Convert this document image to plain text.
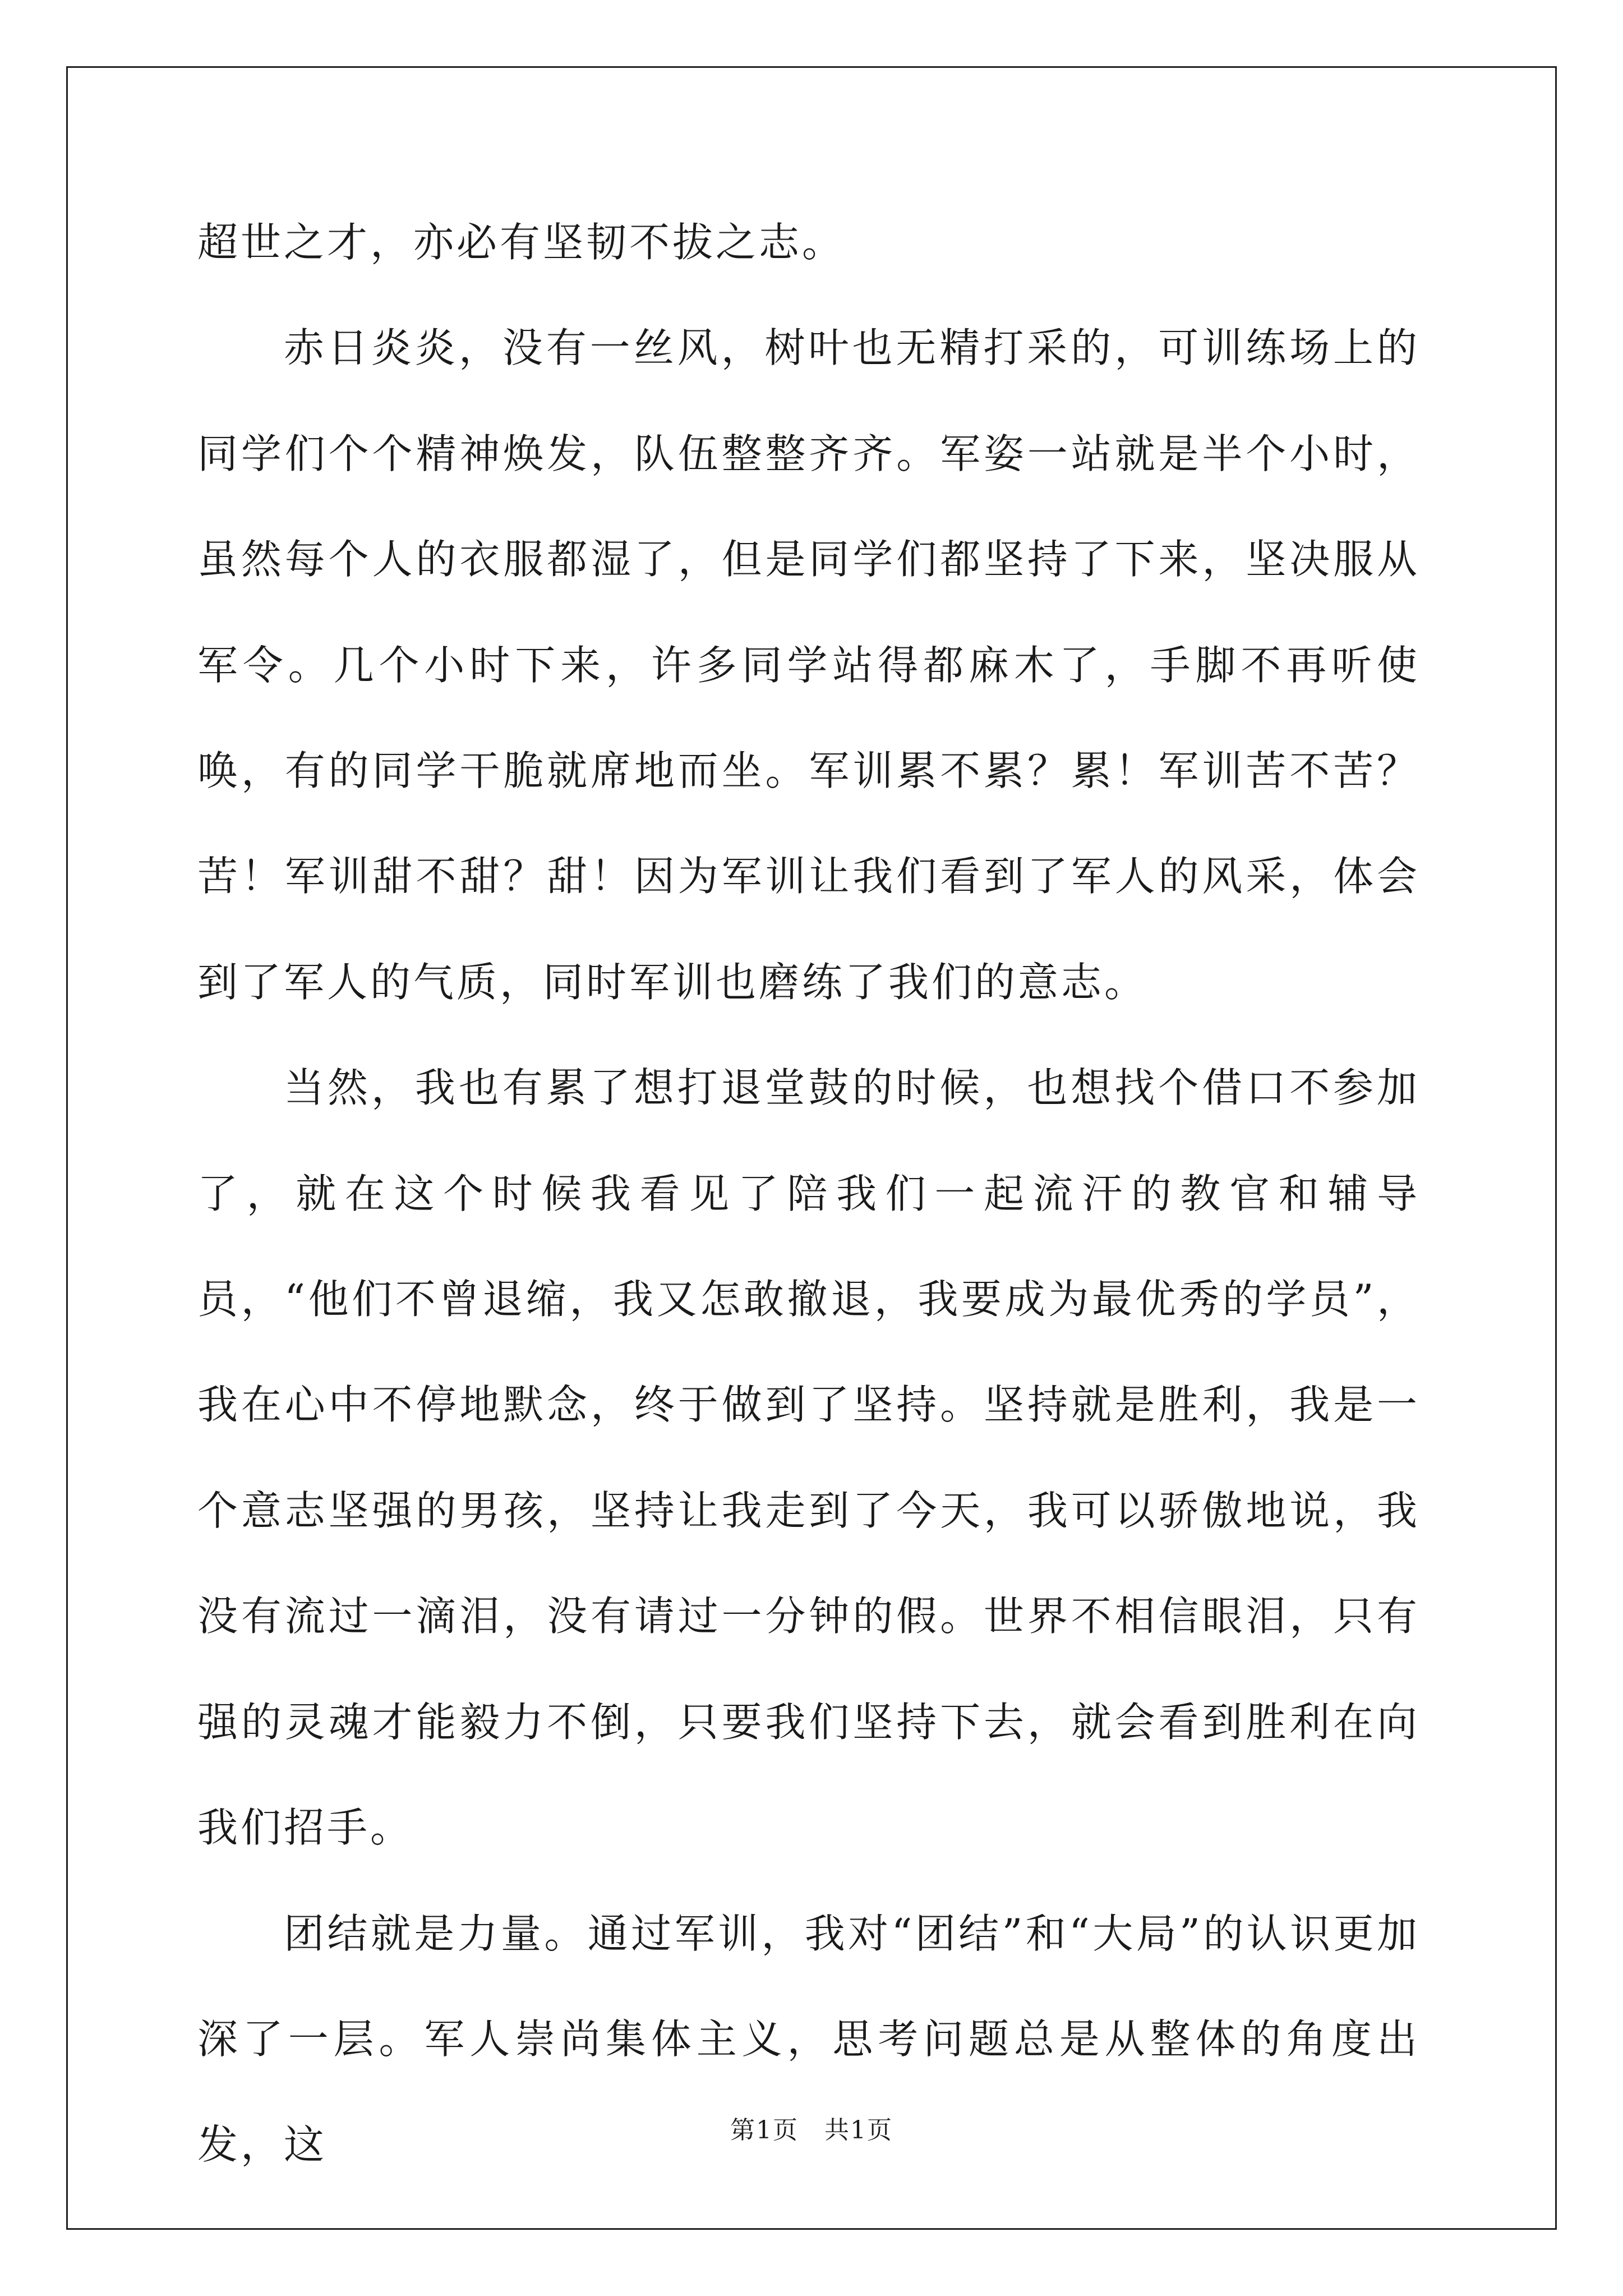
超世之才，亦必有坚韧不拔之志。

赤日炎炎，没有一丝风，树叶也无精打采的，可训练场上的同学们个个精神焕发，队伍整整齐齐。军姿一站就是半个小时，虽然每个人的衣服都湿了，但是同学们都坚持了下来，坚决服从军令。几个小时下来，许多同学站得都麻木了，手脚不再听使唤，有的同学干脆就席地而坐。军训累不累？累！军训苦不苦？苦！军训甜不甜？甜！因为军训让我们看到了军人的风采，体会到了军人的气质，同时军训也磨练了我们的意志。

当然，我也有累了想打退堂鼓的时候，也想找个借口不参加了，就在这个时候我看见了陪我们一起流汗的教官和辅导员，“他们不曾退缩，我又怎敢撤退，我要成为最优秀的学员”，我在心中不停地默念，终于做到了坚持。坚持就是胜利，我是一个意志坚强的男孩，坚持让我走到了今天，我可以骄傲地说，我没有流过一滴泪，没有请过一分钟的假。世界不相信眼泪，只有强的灵魂才能毅力不倒，只要我们坚持下去，就会看到胜利在向我们招手。

团结就是力量。通过军训，我对“团结”和“大局”的认识更加深了一层。军人崇尚集体主义，思考问题总是从整体的角度出发，这	第1页　共1页
